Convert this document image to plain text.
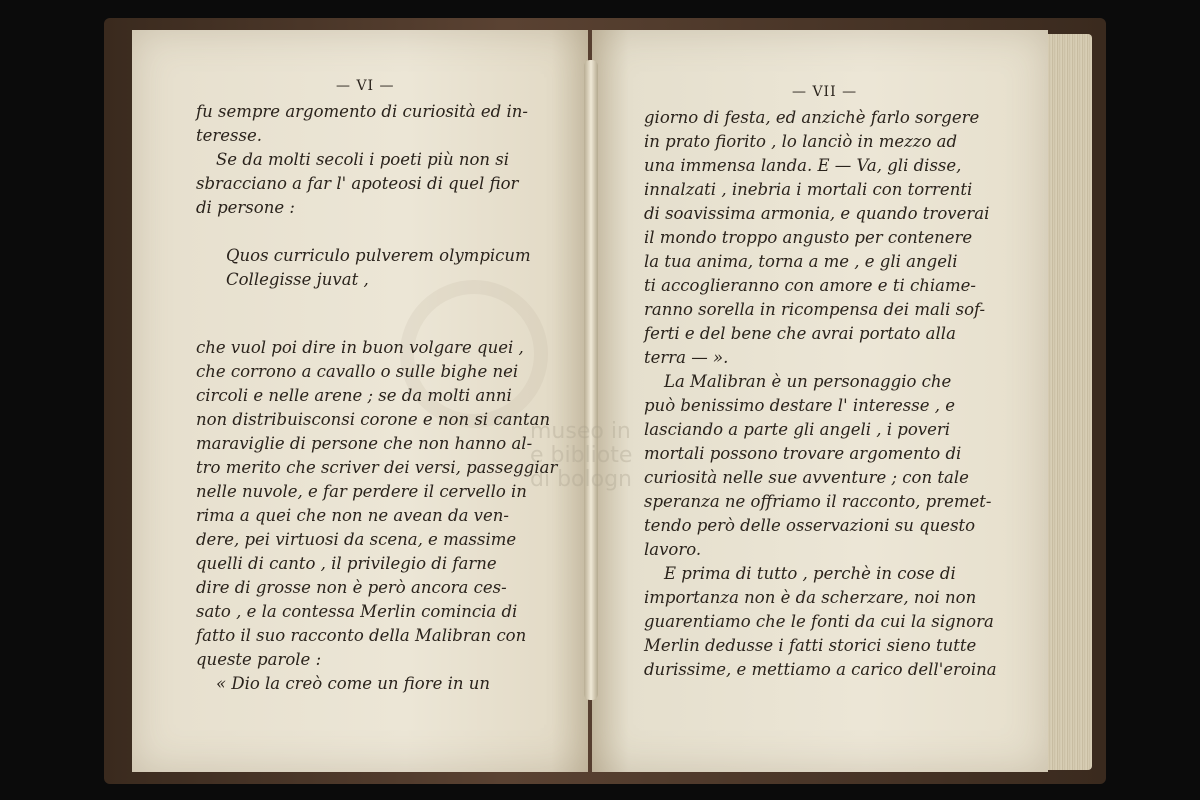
museo in
e bibliote
di bologn
— VI —	— VII —
fu sempre argomento di curiosità ed in-
teresse.
Se da molti secoli i poeti più non si
sbracciano a far l' apoteosi di quel fior
di persone :
Quos curriculo pulverem olympicum
Collegisse juvat ,
che vuol poi dire in buon volgare quei ,
che corrono a cavallo o sulle bighe nei
circoli e nelle arene ; se da molti anni
non distribuisconsi corone e non si cantan
maraviglie di persone che non hanno al-
tro merito che scriver dei versi, passeggiar
nelle nuvole, e far perdere il cervello in
rima a quei che non ne avean da ven-
dere, pei virtuosi da scena, e massime
quelli di canto , il privilegio di farne
dire di grosse non è però ancora ces-
sato , e la contessa Merlin comincia di
fatto il suo racconto della Malibran con
queste parole :
« Dio la creò come un fiore in un
giorno di festa, ed anzichè farlo sorgere
in prato fiorito , lo lanciò in mezzo ad
una immensa landa. E — Va, gli disse,
innalzati , inebria i mortali con torrenti
di soavissima armonia, e quando troverai
il mondo troppo angusto per contenere
la tua anima, torna a me , e gli angeli
ti accoglieranno con amore e ti chiame-
ranno sorella in ricompensa dei mali sof-
ferti e del bene che avrai portato alla
terra — ».
La Malibran è un personaggio che
può benissimo destare l' interesse , e
lasciando a parte gli angeli , i poveri
mortali possono trovare argomento di
curiosità nelle sue avventure ; con tale
speranza ne offriamo il racconto, premet-
tendo però delle osservazioni su questo
lavoro.
E prima di tutto , perchè in cose di
importanza non è da scherzare, noi non
guarentiamo che le fonti da cui la signora
Merlin dedusse i fatti storici sieno tutte
durissime, e mettiamo a carico dell'eroina
